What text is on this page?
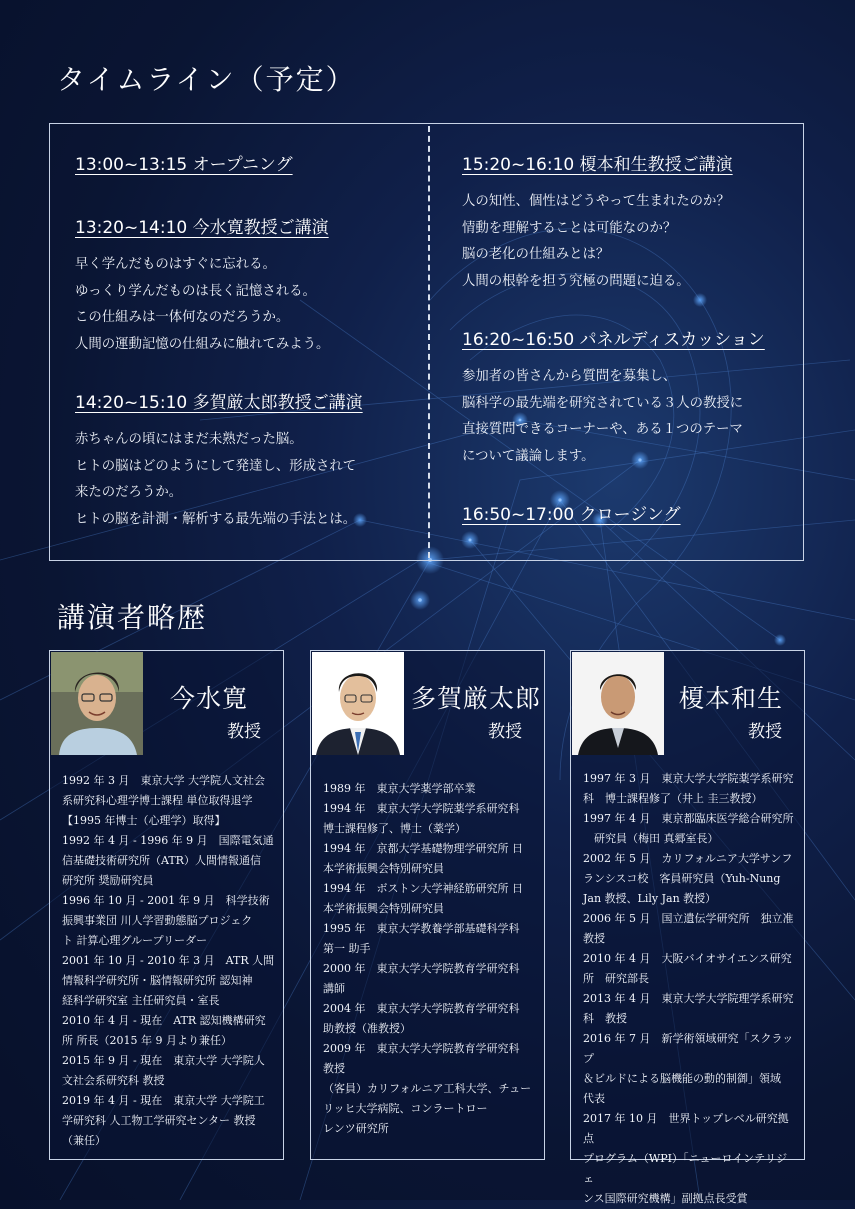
タイムライン（予定）
13:00~13:15 オープニング
13:20~14:10 今水寛教授ご講演
早く学んだものはすぐに忘れる。
ゆっくり学んだものは長く記憶される。
この仕組みは一体何なのだろうか。
人間の運動記憶の仕組みに触れてみよう。
14:20~15:10 多賀厳太郎教授ご講演
赤ちゃんの頃にはまだ未熟だった脳。
ヒトの脳はどのようにして発達し、形成されて
来たのだろうか。
ヒトの脳を計測・解析する最先端の手法とは。
15:20~16:10 榎本和生教授ご講演
人の知性、個性はどうやって生まれたのか？
情動を理解することは可能なのか？
脳の老化の仕組みとは？
人間の根幹を担う究極の問題に迫る。
16:20~16:50 パネルディスカッション
参加者の皆さんから質問を募集し、
脳科学の最先端を研究されている３人の教授に
直接質問できるコーナーや、ある１つのテーマ
について議論します。
16:50~17:00 クロージング
講演者略歴
今水寛
教授
1992 年 3 月　東京大学 大学院人文社会
系研究科心理学博士課程 単位取得退学
【1995 年博士（心理学）取得】
1992 年 4 月 - 1996 年 9 月　国際電気通
信基礎技術研究所（ATR）人間情報通信
研究所 奨励研究員
1996 年 10 月 - 2001 年 9 月　科学技術
振興事業団 川人学習動態脳プロジェク
ト 計算心理グループリーダー
2001 年 10 月 - 2010 年 3 月　ATR 人間
情報科学研究所・脳情報研究所 認知神
経科学研究室 主任研究員・室長
2010 年 4 月 - 現在　ATR 認知機構研究
所 所長（2015 年 9 月より兼任）
2015 年 9 月 - 現在　東京大学 大学院人
文社会系研究科 教授
2019 年 4 月 - 現在　東京大学 大学院工
学研究科 人工物工学研究センター 教授
（兼任）
多賀厳太郎
教授
1989 年　東京大学薬学部卒業
1994 年　東京大学大学院薬学系研究科
博士課程修了、博士（薬学）
1994 年　京都大学基礎物理学研究所 日
本学術振興会特別研究員
1994 年　ボストン大学神経筋研究所 日
本学術振興会特別研究員
1995 年　東京大学教養学部基礎科学科
第一 助手
2000 年　東京大学大学院教育学研究科
講師
2004 年　東京大学大学院教育学研究科
助教授（准教授）
2009 年　東京大学大学院教育学研究科
教授
（客員）カリフォルニア工科大学、チュー
リッヒ大学病院、コンラートロー
レンツ研究所
榎本和生
教授
1997 年 3 月　東京大学大学院薬学系研究
科　博士課程修了（井上 圭三教授）
1997 年 4 月　東京都臨床医学総合研究所
　研究員（梅田 真郷室長）
2002 年 5 月　カリフォルニア大学サンフ
ランシスコ校　客員研究員（Yuh-Nung
Jan 教授、Lily Jan 教授）
2006 年 5 月　国立遺伝学研究所　独立准
教授
2010 年 4 月　大阪バイオサイエンス研究
所　研究部長
2013 年 4 月　東京大学大学院理学系研究
科　教授
2016 年 7 月　新学術領域研究「スクラップ
＆ビルドによる脳機能の動的制御」領域
代表
2017 年 10 月　世界トップレベル研究拠点
プログラム（WPI）「ニューロインテリジェ
ンス国際研究機構」副拠点長受賞
